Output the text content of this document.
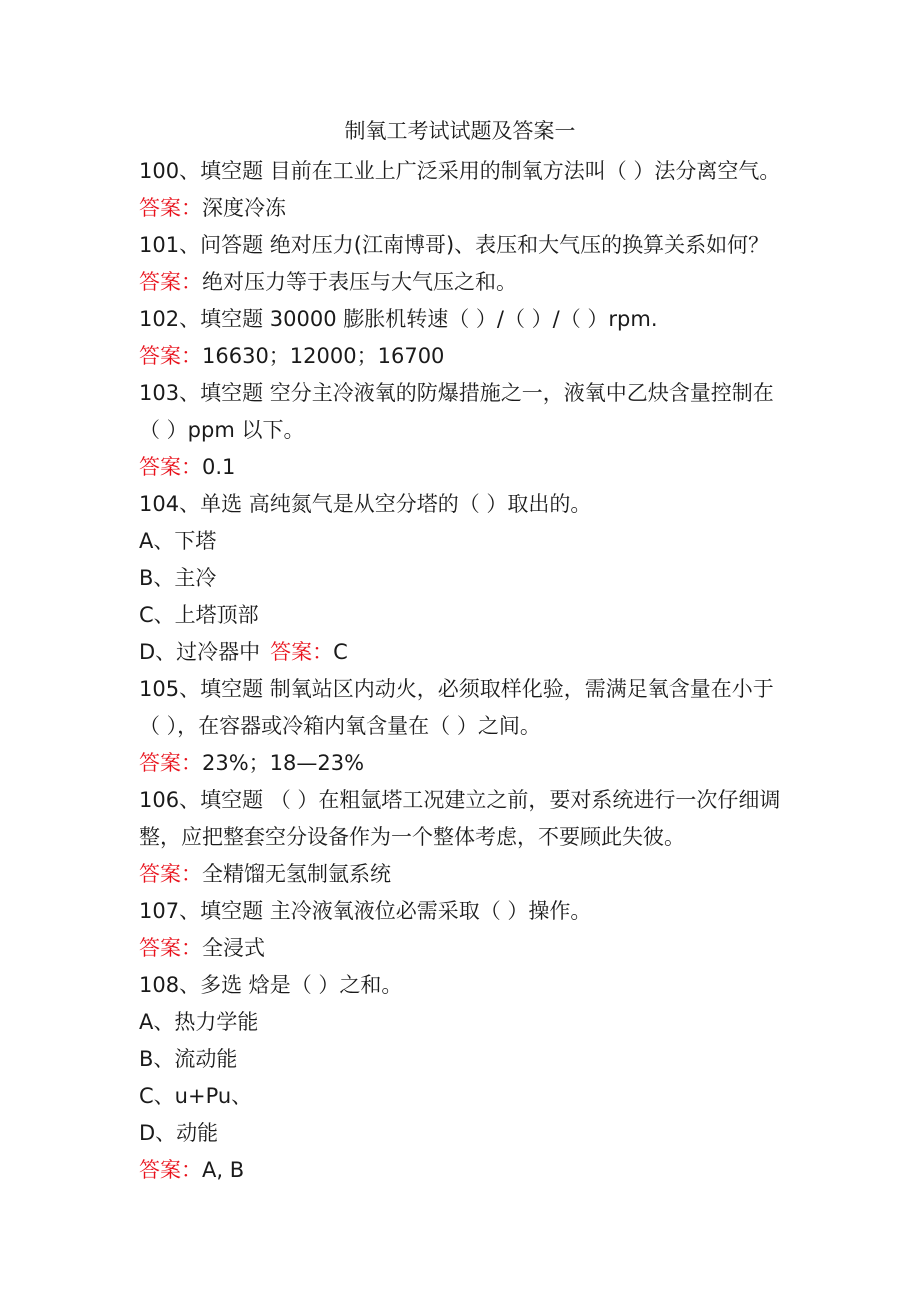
制氧工考试试题及答案一
100、填空题 目前在工业上广泛采用的制氧方法叫（ ）法分离空气。
答案：深度冷冻
101、问答题 绝对压力(江南博哥)、表压和大气压的换算关系如何？
答案：绝对压力等于表压与大气压之和。
102、填空题 30000 膨胀机转速（ ）/（ ）/（ ）rpm.
答案：16630；12000；16700
103、填空题 空分主冷液氧的防爆措施之一，液氧中乙炔含量控制在
（ ）ppm 以下。
答案：0.1
104、单选 高纯氮气是从空分塔的（ ）取出的。
A、下塔
B、主冷
C、上塔顶部
D、过冷器中 答案：C
105、填空题 制氧站区内动火，必须取样化验，需满足氧含量在小于
（ ），在容器或冷箱内氧含量在（ ）之间。
答案：23%；18—23%
106、填空题 （ ）在粗氩塔工况建立之前，要对系统进行一次仔细调
整，应把整套空分设备作为一个整体考虑，不要顾此失彼。
答案：全精馏无氢制氩系统
107、填空题 主冷液氧液位必需采取（ ）操作。
答案：全浸式
108、多选 焓是（ ）之和。
A、热力学能
B、流动能
C、u+Pu、
D、动能
答案：A, B
